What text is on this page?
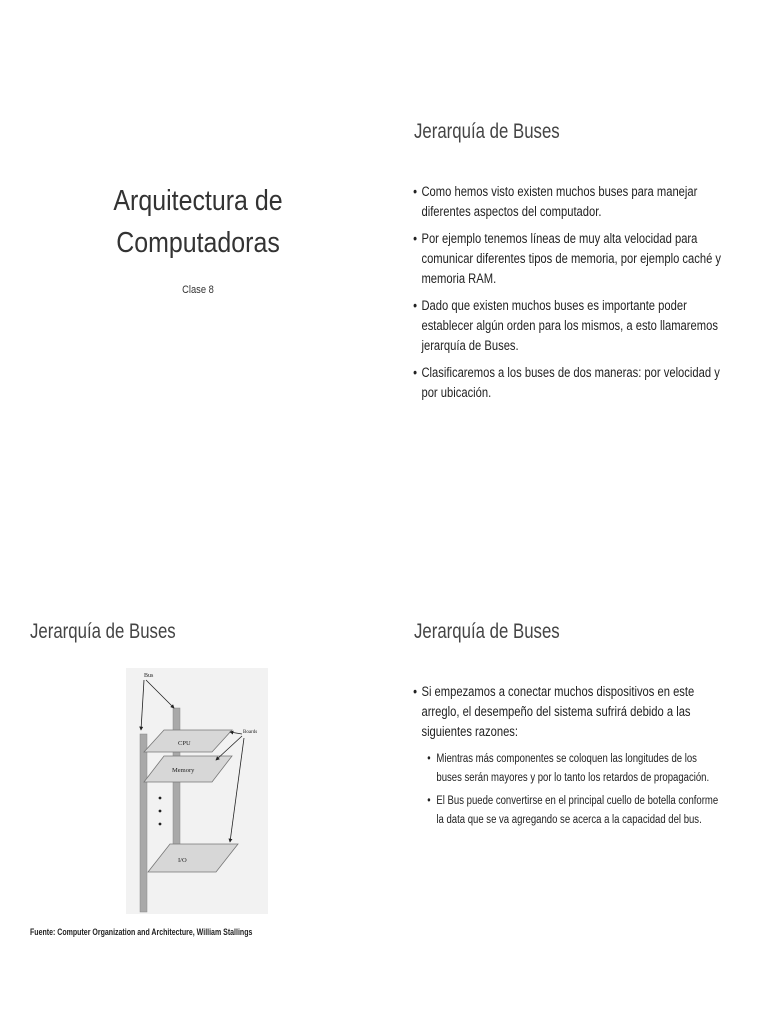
Arquitectura de
Computadoras
Clase 8
Jerarquía de Buses
• Como hemos visto existen muchos buses para manejar diferentes aspectos del computador.
• Por ejemplo tenemos líneas de muy alta velocidad para comunicar diferentes tipos de memoria, por ejemplo caché y memoria RAM.
• Dado que existen muchos buses es importante poder establecer algún orden para los mismos, a esto llamaremos jerarquía de Buses.
• Clasificaremos a los buses de dos maneras: por velocidad y por ubicación.
Jerarquía de Buses
Bus
Boards
CPU
Memory
I/O
Fuente: Computer Organization and Architecture, William Stallings
Jerarquía de Buses
• Si empezamos a conectar muchos dispositivos en este arreglo, el desempeño del sistema sufrirá debido a las siguientes razones:
• Mientras más componentes se coloquen las longitudes de los buses serán mayores y por lo tanto los retardos de propagación.
• El Bus puede convertirse en el principal cuello de botella conforme la data que se va agregando se acerca a la capacidad del bus.
